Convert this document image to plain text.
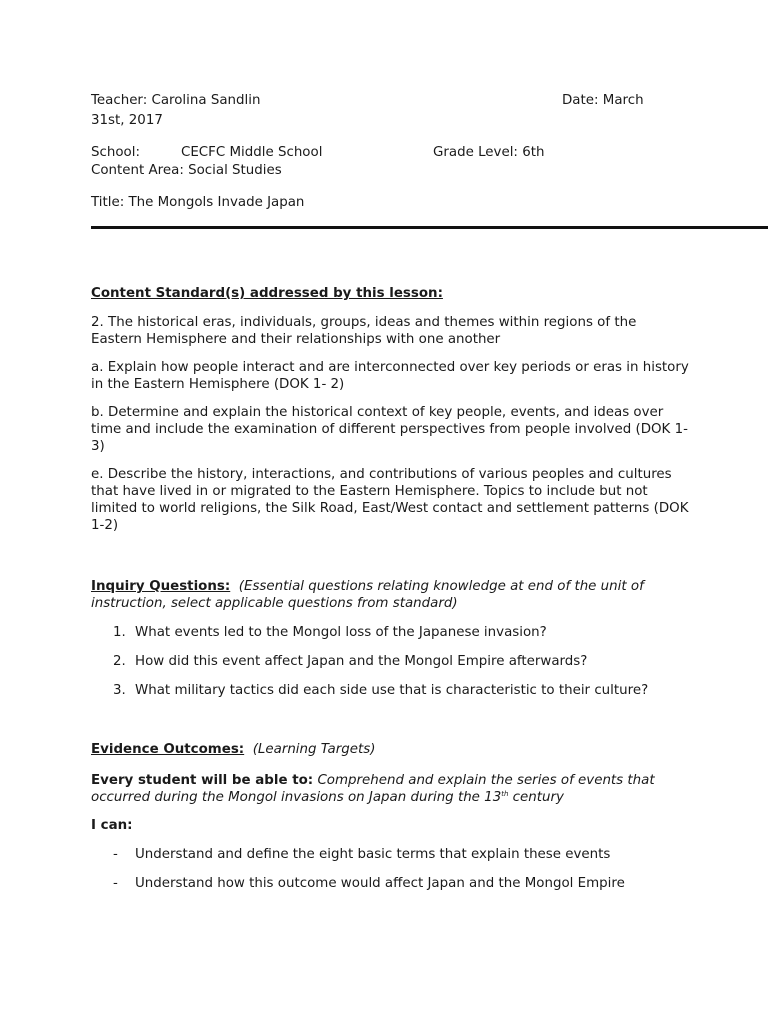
Teacher: Carolina Sandlin	Date: March
31st, 2017
School:	CECFC Middle School	Grade Level: 6th
Content Area: Social Studies
Title: The Mongols Invade Japan

Content Standard(s) addressed by this lesson:

2. The historical eras, individuals, groups, ideas and themes within regions of the Eastern Hemisphere and their relationships with one another

a. Explain how people interact and are interconnected over key periods or eras in history in the Eastern Hemisphere (DOK 1- 2)

b. Determine and explain the historical context of key people, events, and ideas over time and include the examination of different perspectives from people involved (DOK 1-3)

e. Describe the history, interactions, and contributions of various peoples and cultures that have lived in or migrated to the Eastern Hemisphere. Topics to include but not limited to world religions, the Silk Road, East/West contact and settlement patterns (DOK 1-2)

Inquiry Questions: (Essential questions relating knowledge at end of the unit of instruction, select applicable questions from standard)

1. What events led to the Mongol loss of the Japanese invasion?
2. How did this event affect Japan and the Mongol Empire afterwards?
3. What military tactics did each side use that is characteristic to their culture?

Evidence Outcomes: (Learning Targets)

Every student will be able to: Comprehend and explain the series of events that occurred during the Mongol invasions on Japan during the 13th century

I can:

- Understand and define the eight basic terms that explain these events
- Understand how this outcome would affect Japan and the Mongol Empire
